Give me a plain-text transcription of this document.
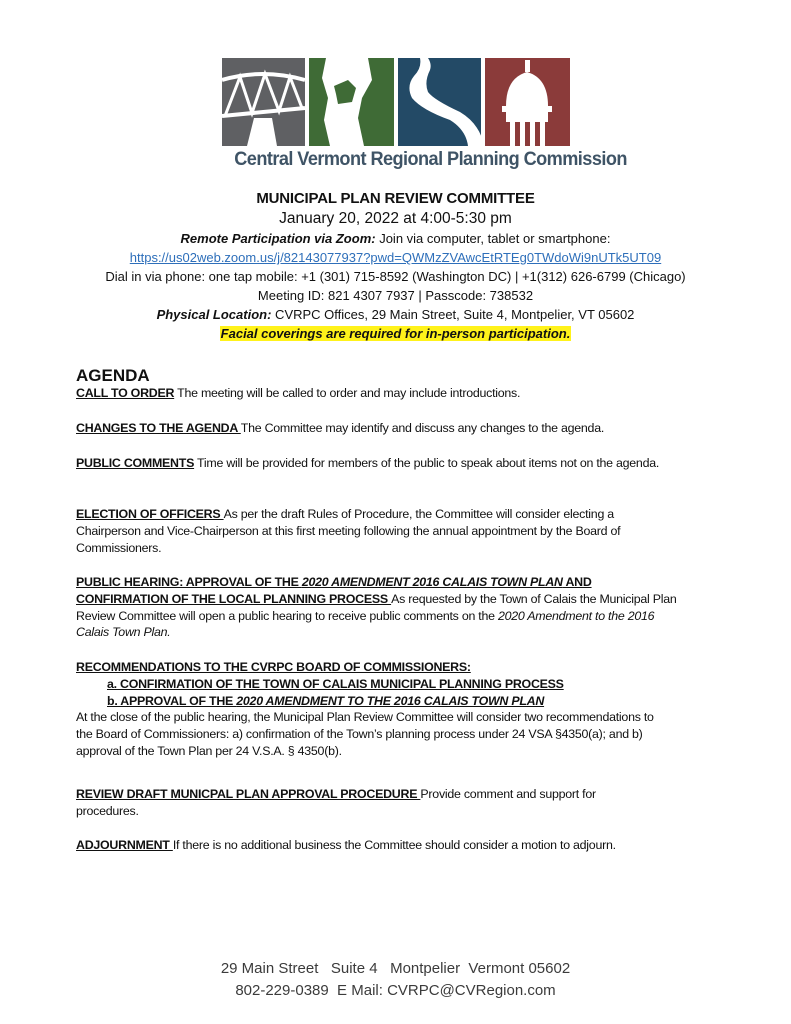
Central Vermont Regional Planning Commission
MUNICIPAL PLAN REVIEW COMMITTEE
January 20, 2022 at 4:00-5:30 pm
Remote Participation via Zoom: Join via computer, tablet or smartphone:
https://us02web.zoom.us/j/82143077937?pwd=QWMzZVAwcEtRTEg0TWdoWi9nUTk5UT09
Dial in via phone: one tap mobile: +1 (301) 715-8592 (Washington DC) | +1(312) 626-6799 (Chicago)
Meeting ID: 821 4307 7937 | Passcode: 738532
Physical Location: CVRPC Offices, 29 Main Street, Suite 4, Montpelier, VT 05602
Facial coverings are required for in-person participation.
AGENDA
CALL TO ORDER The meeting will be called to order and may include introductions.
CHANGES TO THE AGENDA The Committee may identify and discuss any changes to the agenda.
PUBLIC COMMENTS Time will be provided for members of the public to speak about items not on the agenda.
ELECTION OF OFFICERS As per the draft Rules of Procedure, the Committee will consider electing a Chairperson and Vice-Chairperson at this first meeting following the annual appointment by the Board of Commissioners.
PUBLIC HEARING: APPROVAL OF THE 2020 AMENDMENT 2016 CALAIS TOWN PLAN AND CONFIRMATION OF THE LOCAL PLANNING PROCESS As requested by the Town of Calais the Municipal Plan Review Committee will open a public hearing to receive public comments on the 2020 Amendment to the 2016 Calais Town Plan.
RECOMMENDATIONS TO THE CVRPC BOARD OF COMMISSIONERS:
a. CONFIRMATION OF THE TOWN OF CALAIS MUNICIPAL PLANNING PROCESS
b. APPROVAL OF THE 2020 AMENDMENT TO THE 2016 CALAIS TOWN PLAN
At the close of the public hearing, the Municipal Plan Review Committee will consider two recommendations to the Board of Commissioners: a) confirmation of the Town’s planning process under 24 VSA §4350(a); and b) approval of the Town Plan per 24 V.S.A. § 4350(b).
REVIEW DRAFT MUNICPAL PLAN APPROVAL PROCEDURE Provide comment and support for procedures.
ADJOURNMENT If there is no additional business the Committee should consider a motion to adjourn.
29 Main Street   Suite 4   Montpelier  Vermont 05602
802-229-0389  E Mail: CVRPC@CVRegion.com
